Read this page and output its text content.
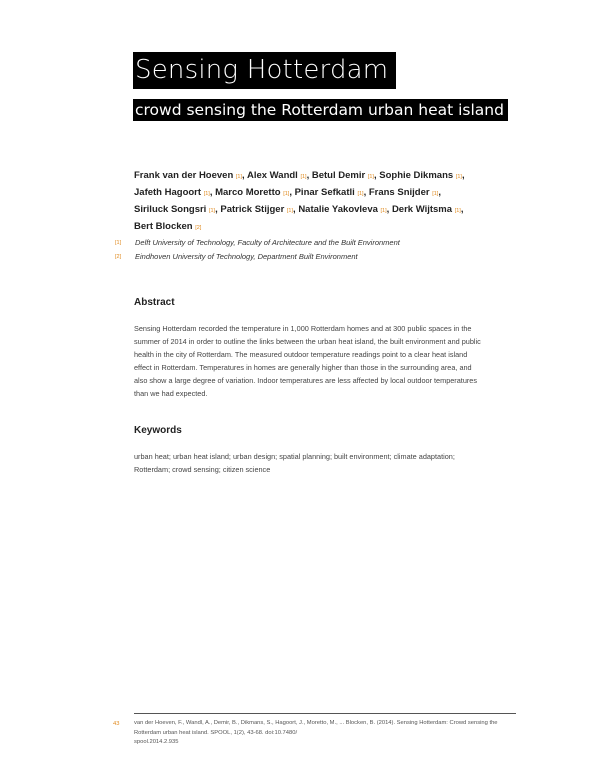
Sensing Hotterdam
crowd sensing the Rotterdam urban heat island
Frank van der Hoeven [1], Alex Wandl [1], Betul Demir [1], Sophie Dikmans [1],
Jafeth Hagoort [1], Marco Moretto [1], Pinar Sefkatli [1], Frans Snijder [1],
Siriluck Songsri [1], Patrick Stijger [1], Natalie Yakovleva [1], Derk Wijtsma [1],
Bert Blocken [2]
[1]	Delft University of Technology, Faculty of Architecture and the Built Environment
[2]	Eindhoven University of Technology, Department Built Environment
Abstract
Sensing Hotterdam recorded the temperature in 1,000 Rotterdam homes and at 300 public spaces in the
summer of 2014 in order to outline the links between the urban heat island, the built environment and public
health in the city of Rotterdam. The measured outdoor temperature readings point to a clear heat island
effect in Rotterdam. Temperatures in homes are generally higher than those in the surrounding area, and
also show a large degree of variation. Indoor temperatures are less affected by local outdoor temperatures
than we had expected.
Keywords
urban heat; urban heat island; urban design; spatial planning; built environment; climate adaptation;
Rotterdam; crowd sensing; citizen science
43	van der Hoeven, F., Wandl, A., Demir, B., Dikmans, S., Hagoort, J., Moretto, M., ... Blocken, B. (2014). Sensing Hotterdam: Crowd sensing the
Rotterdam urban heat island. SPOOL, 1(2), 43-68. doi:10.7480/
spool.2014.2.935
